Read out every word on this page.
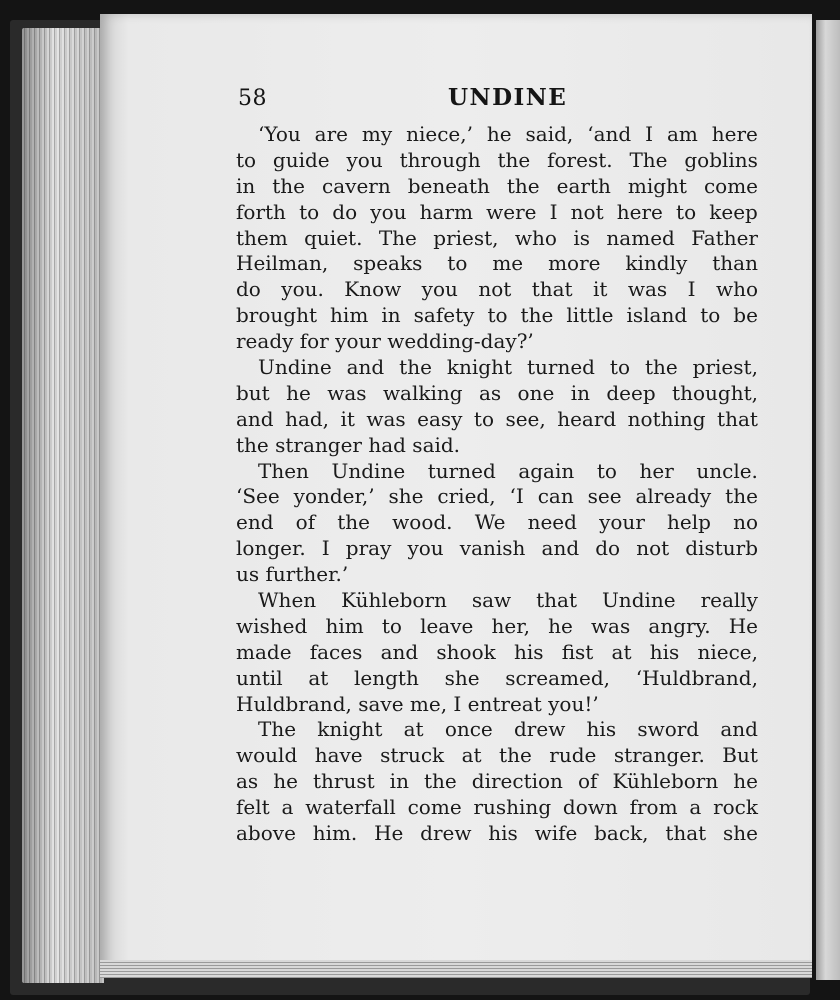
58	UNDINE
‘You are my niece,’ he said, ‘and I am here
to guide you through the forest. The goblins
in the cavern beneath the earth might come
forth to do you harm were I not here to keep
them quiet. The priest, who is named Father
Heilman, speaks to me more kindly than
do you. Know you not that it was I who
brought him in safety to the little island to be
ready for your wedding-day?’
Undine and the knight turned to the priest,
but he was walking as one in deep thought,
and had, it was easy to see, heard nothing that
the stranger had said.
Then Undine turned again to her uncle.
‘See yonder,’ she cried, ‘I can see already the
end of the wood. We need your help no
longer. I pray you vanish and do not disturb
us further.’
When Kühleborn saw that Undine really
wished him to leave her, he was angry. He
made faces and shook his fist at his niece,
until at length she screamed, ‘Huldbrand,
Huldbrand, save me, I entreat you!’
The knight at once drew his sword and
would have struck at the rude stranger. But
as he thrust in the direction of Kühleborn he
felt a waterfall come rushing down from a rock
above him. He drew his wife back, that she
